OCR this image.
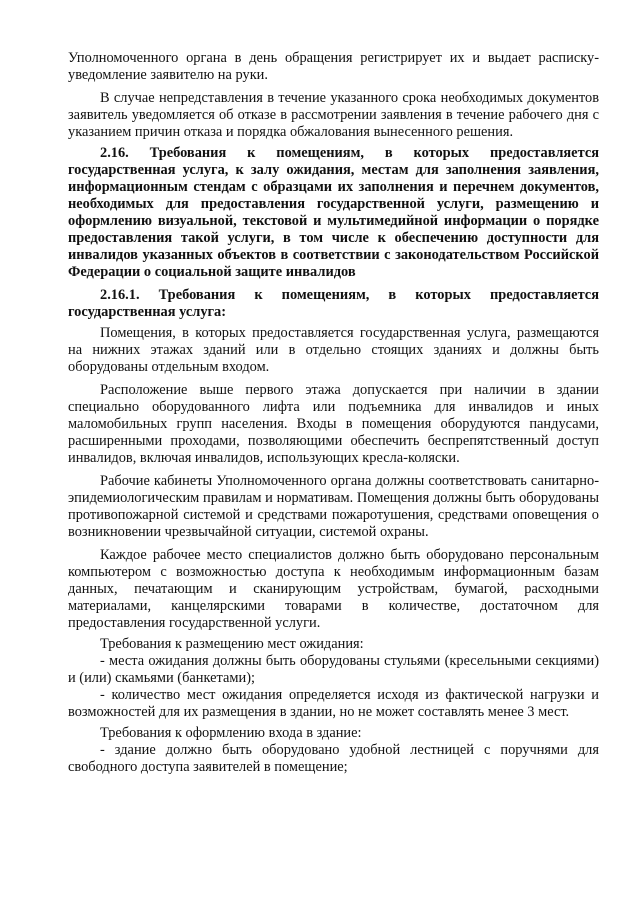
Уполномоченного органа в день обращения регистрирует их и выдает расписку-уведомление заявителю на руки.

В случае непредставления в течение указанного срока необходимых документов заявитель уведомляется об отказе в рассмотрении заявления в течение рабочего дня с указанием причин отказа и порядка обжалования вынесенного решения.

2.16. Требования к помещениям, в которых предоставляется государственная услуга, к залу ожидания, местам для заполнения заявления, информационным стендам с образцами их заполнения и перечнем документов, необходимых для предоставления государственной услуги, размещению и оформлению визуальной, текстовой и мультимедийной информации о порядке предоставления такой услуги, в том числе к обеспечению доступности для инвалидов указанных объектов в соответствии с законодательством Российской Федерации о социальной защите инвалидов

2.16.1. Требования к помещениям, в которых предоставляется государственная услуга:

Помещения, в которых предоставляется государственная услуга, размещаются на нижних этажах зданий или в отдельно стоящих зданиях и должны быть оборудованы отдельным входом.

Расположение выше первого этажа допускается при наличии в здании специально оборудованного лифта или подъемника для инвалидов и иных маломобильных групп населения. Входы в помещения оборудуются пандусами, расширенными проходами, позволяющими обеспечить беспрепятственный доступ инвалидов, включая инвалидов, использующих кресла-коляски.

Рабочие кабинеты Уполномоченного органа должны соответствовать санитарно-эпидемиологическим правилам и нормативам. Помещения должны быть оборудованы противопожарной системой и средствами пожаротушения, средствами оповещения о возникновении чрезвычайной ситуации, системой охраны.

Каждое рабочее место специалистов должно быть оборудовано персональным компьютером с возможностью доступа к необходимым информационным базам данных, печатающим и сканирующим устройствам, бумагой, расходными материалами, канцелярскими товарами в количестве, достаточном для предоставления государственной услуги.

Требования к размещению мест ожидания:

- места ожидания должны быть оборудованы стульями (кресельными секциями) и (или) скамьями (банкетами);

- количество мест ожидания определяется исходя из фактической нагрузки и возможностей для их размещения в здании, но не может составлять менее 3 мест.

Требования к оформлению входа в здание:

- здание должно быть оборудовано удобной лестницей с поручнями для свободного доступа заявителей в помещение;
